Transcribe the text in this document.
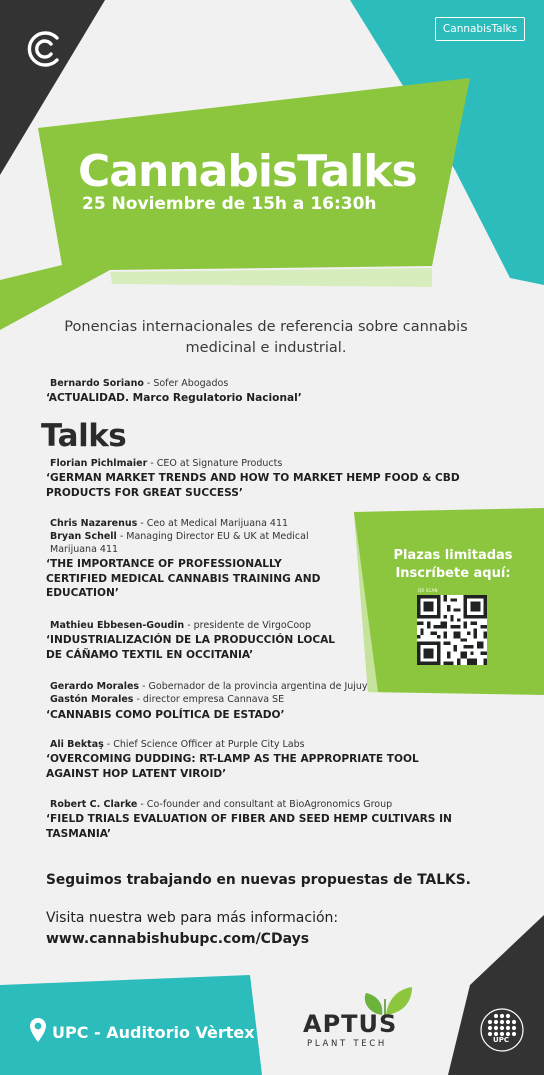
CannabisTalks
CannabisTalks
25 Noviembre de 15h a 16:30h
Ponencias internacionales de referencia sobre cannabis medicinal e industrial.
Bernardo Soriano - Sofer Abogados
‘ACTUALIDAD. Marco Regulatorio Nacional’
Talks
Florian Pichlmaier - CEO at Signature Products
‘GERMAN MARKET TRENDS AND HOW TO MARKET HEMP FOOD & CBD PRODUCTS FOR GREAT SUCCESS’
Chris Nazarenus - Ceo at Medical Marijuana 411
Bryan Schell - Managing Director EU & UK at Medical Marijuana 411
‘THE IMPORTANCE OF PROFESSIONALLY CERTIFIED MEDICAL CANNABIS TRAINING AND EDUCATION’
Mathieu Ebbesen-Goudin - presidente de VirgoCoop
‘INDUSTRIALIZACIÓN DE LA PRODUCCIÓN LOCAL DE CÁÑAMO TEXTIL EN OCCITANIA’
Gerardo Morales - Gobernador de la provincia argentina de Jujuy
Gastón Morales - director empresa Cannava SE
‘CANNABIS COMO POLÍTICA DE ESTADO’
Ali Bektaş - Chief Science Officer at Purple City Labs
‘OVERCOMING DUDDING: RT-LAMP AS THE APPROPRIATE TOOL AGAINST HOP LATENT VIROID’
Robert C. Clarke - Co-founder and consultant at BioAgronomics Group
‘FIELD TRIALS EVALUATION OF FIBER AND SEED HEMP CULTIVARS IN TASMANIA’
Plazas limitadas
Inscríbete aquí:
QR SCAN
Seguimos trabajando en nuevas propuestas de TALKS.
Visita nuestra web para más información:
www.cannabishubupc.com/CDays
UPC - Auditorio Vèrtex APTUS
PLANT TECH	UPC
